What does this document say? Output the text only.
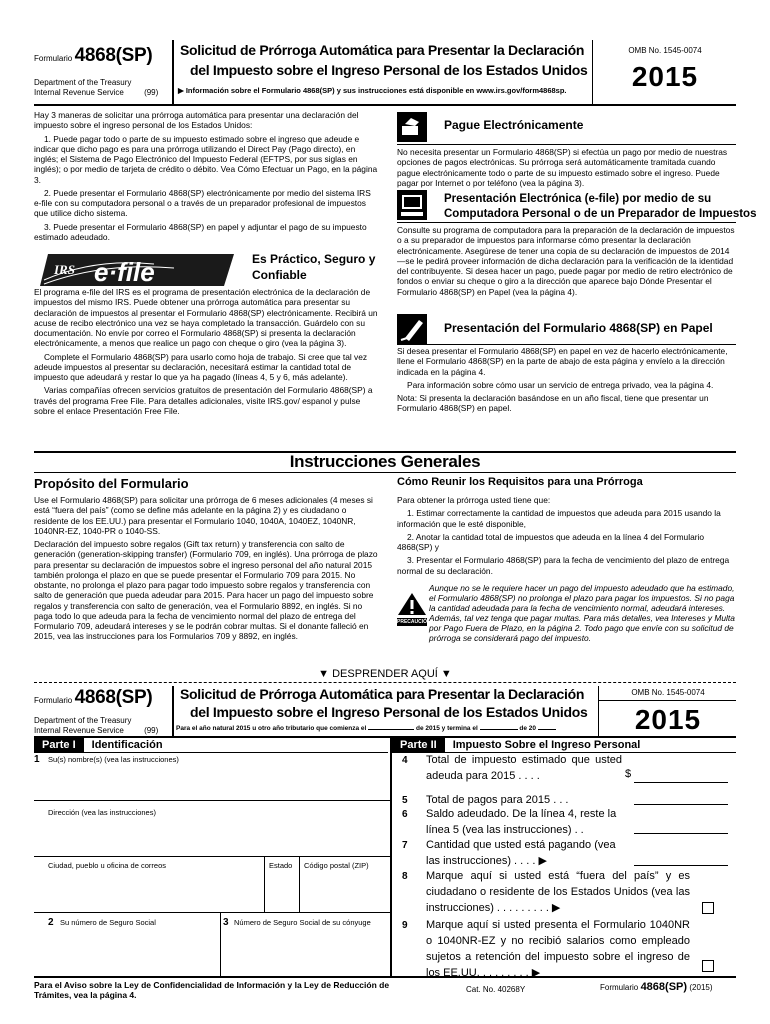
Formulario 4868(SP)
Department of the Treasury
Internal Revenue Service	(99)
Solicitud de Prórroga Automática para Presentar la Declaración
del Impuesto sobre el Ingreso Personal de los Estados Unidos
▶ Información sobre el Formulario 4868(SP) y sus instrucciones está disponible en www.irs.gov/form4868sp.
OMB No. 1545-0074
2015

Hay 3 maneras de solicitar una prórroga automática para presentar una declaración del impuesto sobre el ingreso personal de los Estados Unidos:

1. Puede pagar todo o parte de su impuesto estimado sobre el ingreso que adeude e indicar que dicho pago es para una prórroga utilizando el Direct Pay (Pago directo), en inglés; el Sistema de Pago Electrónico del Impuesto Federal (EFTPS, por sus siglas en inglés); o por medio de tarjeta de crédito o débito. Vea Cómo Efectuar un Pago, en la página 3.

2. Puede presentar el Formulario 4868(SP) electrónicamente por medio del sistema IRS e-file con su computadora personal o a través de un preparador profesional de impuestos que utilice dicho sistema.

3. Puede presentar el Formulario 4868(SP) en papel y adjuntar el pago de su impuesto estimado adeudado.

IRS e·file	Es Práctico, Seguro y
Confiable

El programa e-file del IRS es el programa de presentación electrónica de la declaración de impuestos del mismo IRS. Puede obtener una prórroga automática para presentar su declaración de impuestos al presentar el Formulario 4868(SP) electrónicamente. Recibirá un acuse de recibo electrónico una vez se haya completado la transacción. Guárdelo con su documentación. No envíe por correo el Formulario 4868(SP) si presenta la declaración electrónicamente, a menos que realice un pago con cheque o giro (vea la página 3).

Complete el Formulario 4868(SP) para usarlo como hoja de trabajo. Si cree que tal vez adeude impuestos al presentar su declaración, necesitará estimar la cantidad total de impuesto que adeudará y restar lo que ya ha pagado (líneas 4, 5 y 6, más adelante).

Varias compañías ofrecen servicios gratuitos de presentación del Formulario 4868(SP) a través del programa Free File. Para detalles adicionales, visite IRS.gov/ espanol y pulse sobre el enlace Presentación Free File.

Pague Electrónicamente
No necesita presentar un Formulario 4868(SP) si efectúa un pago por medio de nuestras opciones de pagos electrónicas. Su prórroga será automáticamente tramitada cuando pague electrónicamente todo o parte de su impuesto estimado sobre el ingreso. Puede pagar por Internet o por teléfono (vea la página 3).
Presentación Electrónica (e-file) por medio de su
Computadora Personal o de un Preparador de Impuestos
Consulte su programa de computadora para la preparación de la declaración de impuestos o a su preparador de impuestos para informarse cómo presentar la declaración electrónicamente. Asegúrese de tener una copia de su declaración de impuestos de 2014 —se le pedirá proveer información de dicha declaración para la verificación de la identidad del contribuyente. Si desea hacer un pago, puede pagar por medio de retiro electrónico de fondos o enviar su cheque o giro a la dirección que aparece bajo Dónde Presentar el Formulario 4868(SP) en Papel (vea la página 4).
Presentación del Formulario 4868(SP) en Papel

Si desea presentar el Formulario 4868(SP) en papel en vez de hacerlo electrónicamente, llene el Formulario 4868(SP) en la parte de abajo de esta página y envíelo a la dirección indicada en la página 4.

Para información sobre cómo usar un servicio de entrega privado, vea la página 4.

Nota: Si presenta la declaración basándose en un año fiscal, tiene que presentar un Formulario 4868(SP) en papel.

Instrucciones Generales
Propósito del Formulario

Use el Formulario 4868(SP) para solicitar una prórroga de 6 meses adicionales (4 meses si está “fuera del país” (como se define más adelante en la página 2) y es ciudadano o residente de los EE.UU.) para presentar el Formulario 1040, 1040A, 1040EZ, 1040NR, 1040NR-EZ, 1040-PR o 1040-SS.

Declaración del impuesto sobre regalos (Gift tax return) y transferencia con salto de generación (generation-skipping transfer) (Formulario 709, en inglés). Una prórroga de plazo para presentar su declaración de impuestos sobre el ingreso personal del año natural 2015 también prolonga el plazo en que se puede presentar el Formulario 709 para 2015. No obstante, no prolonga el plazo para pagar todo impuesto sobre regalos y transferencia con salto de generación que pueda adeudar para 2015. Para hacer un pago del impuesto sobre regalos y transferencia con salto de generación, vea el Formulario 8892, en inglés. Si no paga todo lo que adeuda para la fecha de vencimiento normal del plazo de entrega del Formulario 709, adeudará intereses y se le podrán cobrar multas. Si el donante falleció en 2015, vea las instrucciones para los Formularios 709 y 8892, en inglés.

Cómo Reunir los Requisitos para una Prórroga

Para obtener la prórroga usted tiene que:

1. Estimar correctamente la cantidad de impuestos que adeuda para 2015 usando la información que le esté disponible,

2. Anotar la cantidad total de impuestos que adeuda en la línea 4 del Formulario 4868(SP) y

3. Presentar el Formulario 4868(SP) para la fecha de vencimiento del plazo de entrega normal de su declaración.

PRECAUCIÓN
Aunque no se le requiere hacer un pago del impuesto adeudado que ha estimado, el Formulario 4868(SP) no prolonga el plazo para pagar los impuestos. Si no paga la cantidad adeudada para la fecha de vencimiento normal, adeudará intereses. Además, tal vez tenga que pagar multas. Para más detalles, vea Intereses y Multa por Pago Fuera de Plazo, en la página 2. Todo pago que envíe con su solicitud de prórroga se considerará pago del impuesto.
▼ DESPRENDER AQUÍ ▼
Formulario 4868(SP)
Department of the Treasury
Internal Revenue Service	(99)
Solicitud de Prórroga Automática para Presentar la Declaración
del Impuesto sobre el Ingreso Personal de los Estados Unidos
Para el año natural 2015 u otro año tributario que comienza el	de 2015 y termina el	de 20
OMB No. 1545-0074
2015
Parte I Identificación	Parte II Impuesto Sobre el Ingreso Personal
1 Su(s) nombre(s) (vea las instrucciones)
Dirección (vea las instrucciones)
Ciudad, pueblo u oficina de correos	Estado Código postal (ZIP)
2 Su número de Seguro Social	3 Número de Seguro Social de su cónyuge
4 Total de impuesto estimado que usted adeuda para 2015 . . . .	$
5 Total de pagos para 2015 . . .
6 Saldo adeudado. De la línea 4, reste la línea 5 (vea las instrucciones) . .
7 Cantidad que usted está pagando (vea las instrucciones) . . . . ▶
8 Marque aquí si usted está “fuera del país” y es ciudadano o residente de los Estados Unidos (vea las instrucciones) . . . . . . . . . ▶
9 Marque aquí si usted presenta el Formulario 1040NR o 1040NR-EZ y no recibió salarios como empleado sujetos a retención del impuesto sobre el ingreso de los EE.UU. . . . . . . . . ▶
Para el Aviso sobre la Ley de Confidencialidad de Información y la Ley de Reducción de Trámites, vea la página 4.
Cat. No. 40268Y	Formulario 4868(SP) (2015)
